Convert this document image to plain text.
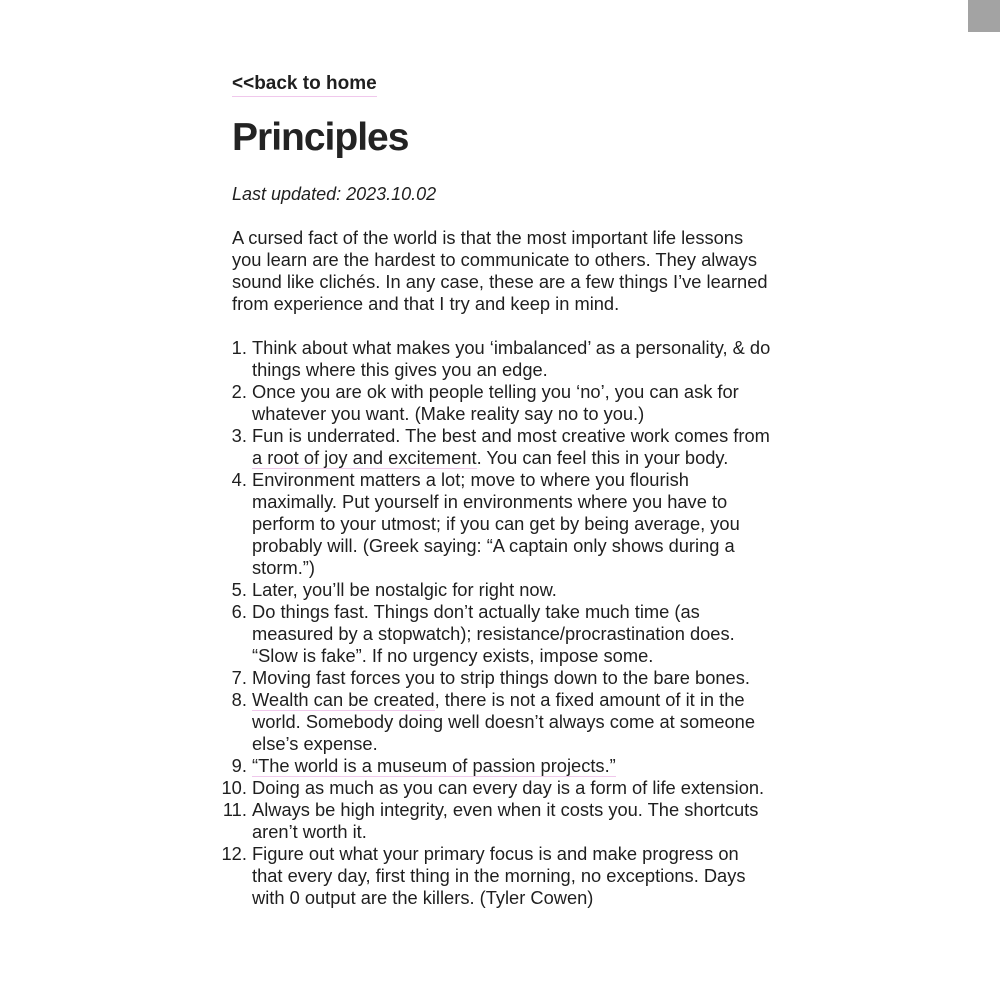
<<back to home
Principles

Last updated: 2023.10.02

A cursed fact of the world is that the most important life lessons you learn are the hardest to communicate to others. They always sound like clichés. In any case, these are a few things I’ve learned from experience and that I try and keep in mind.

1. Think about what makes you ‘imbalanced’ as a personality, & do things where this gives you an edge.
2. Once you are ok with people telling you ‘no’, you can ask for whatever you want. (Make reality say no to you.)
3. Fun is underrated. The best and most creative work comes from a root of joy and excitement. You can feel this in your body.
4. Environment matters a lot; move to where you flourish maximally. Put yourself in environments where you have to perform to your utmost; if you can get by being average, you probably will. (Greek saying: “A captain only shows during a storm.”)
5. Later, you’ll be nostalgic for right now.
6. Do things fast. Things don’t actually take much time (as measured by a stopwatch); resistance/procrastination does. “Slow is fake”. If no urgency exists, impose some.
7. Moving fast forces you to strip things down to the bare bones.
8. Wealth can be created, there is not a fixed amount of it in the world. Somebody doing well doesn’t always come at someone else’s expense.
9. “The world is a museum of passion projects.”
10. Doing as much as you can every day is a form of life extension.
11. Always be high integrity, even when it costs you. The shortcuts aren’t worth it.
12. Figure out what your primary focus is and make progress on that every day, first thing in the morning, no exceptions. Days with 0 output are the killers. (Tyler Cowen)
